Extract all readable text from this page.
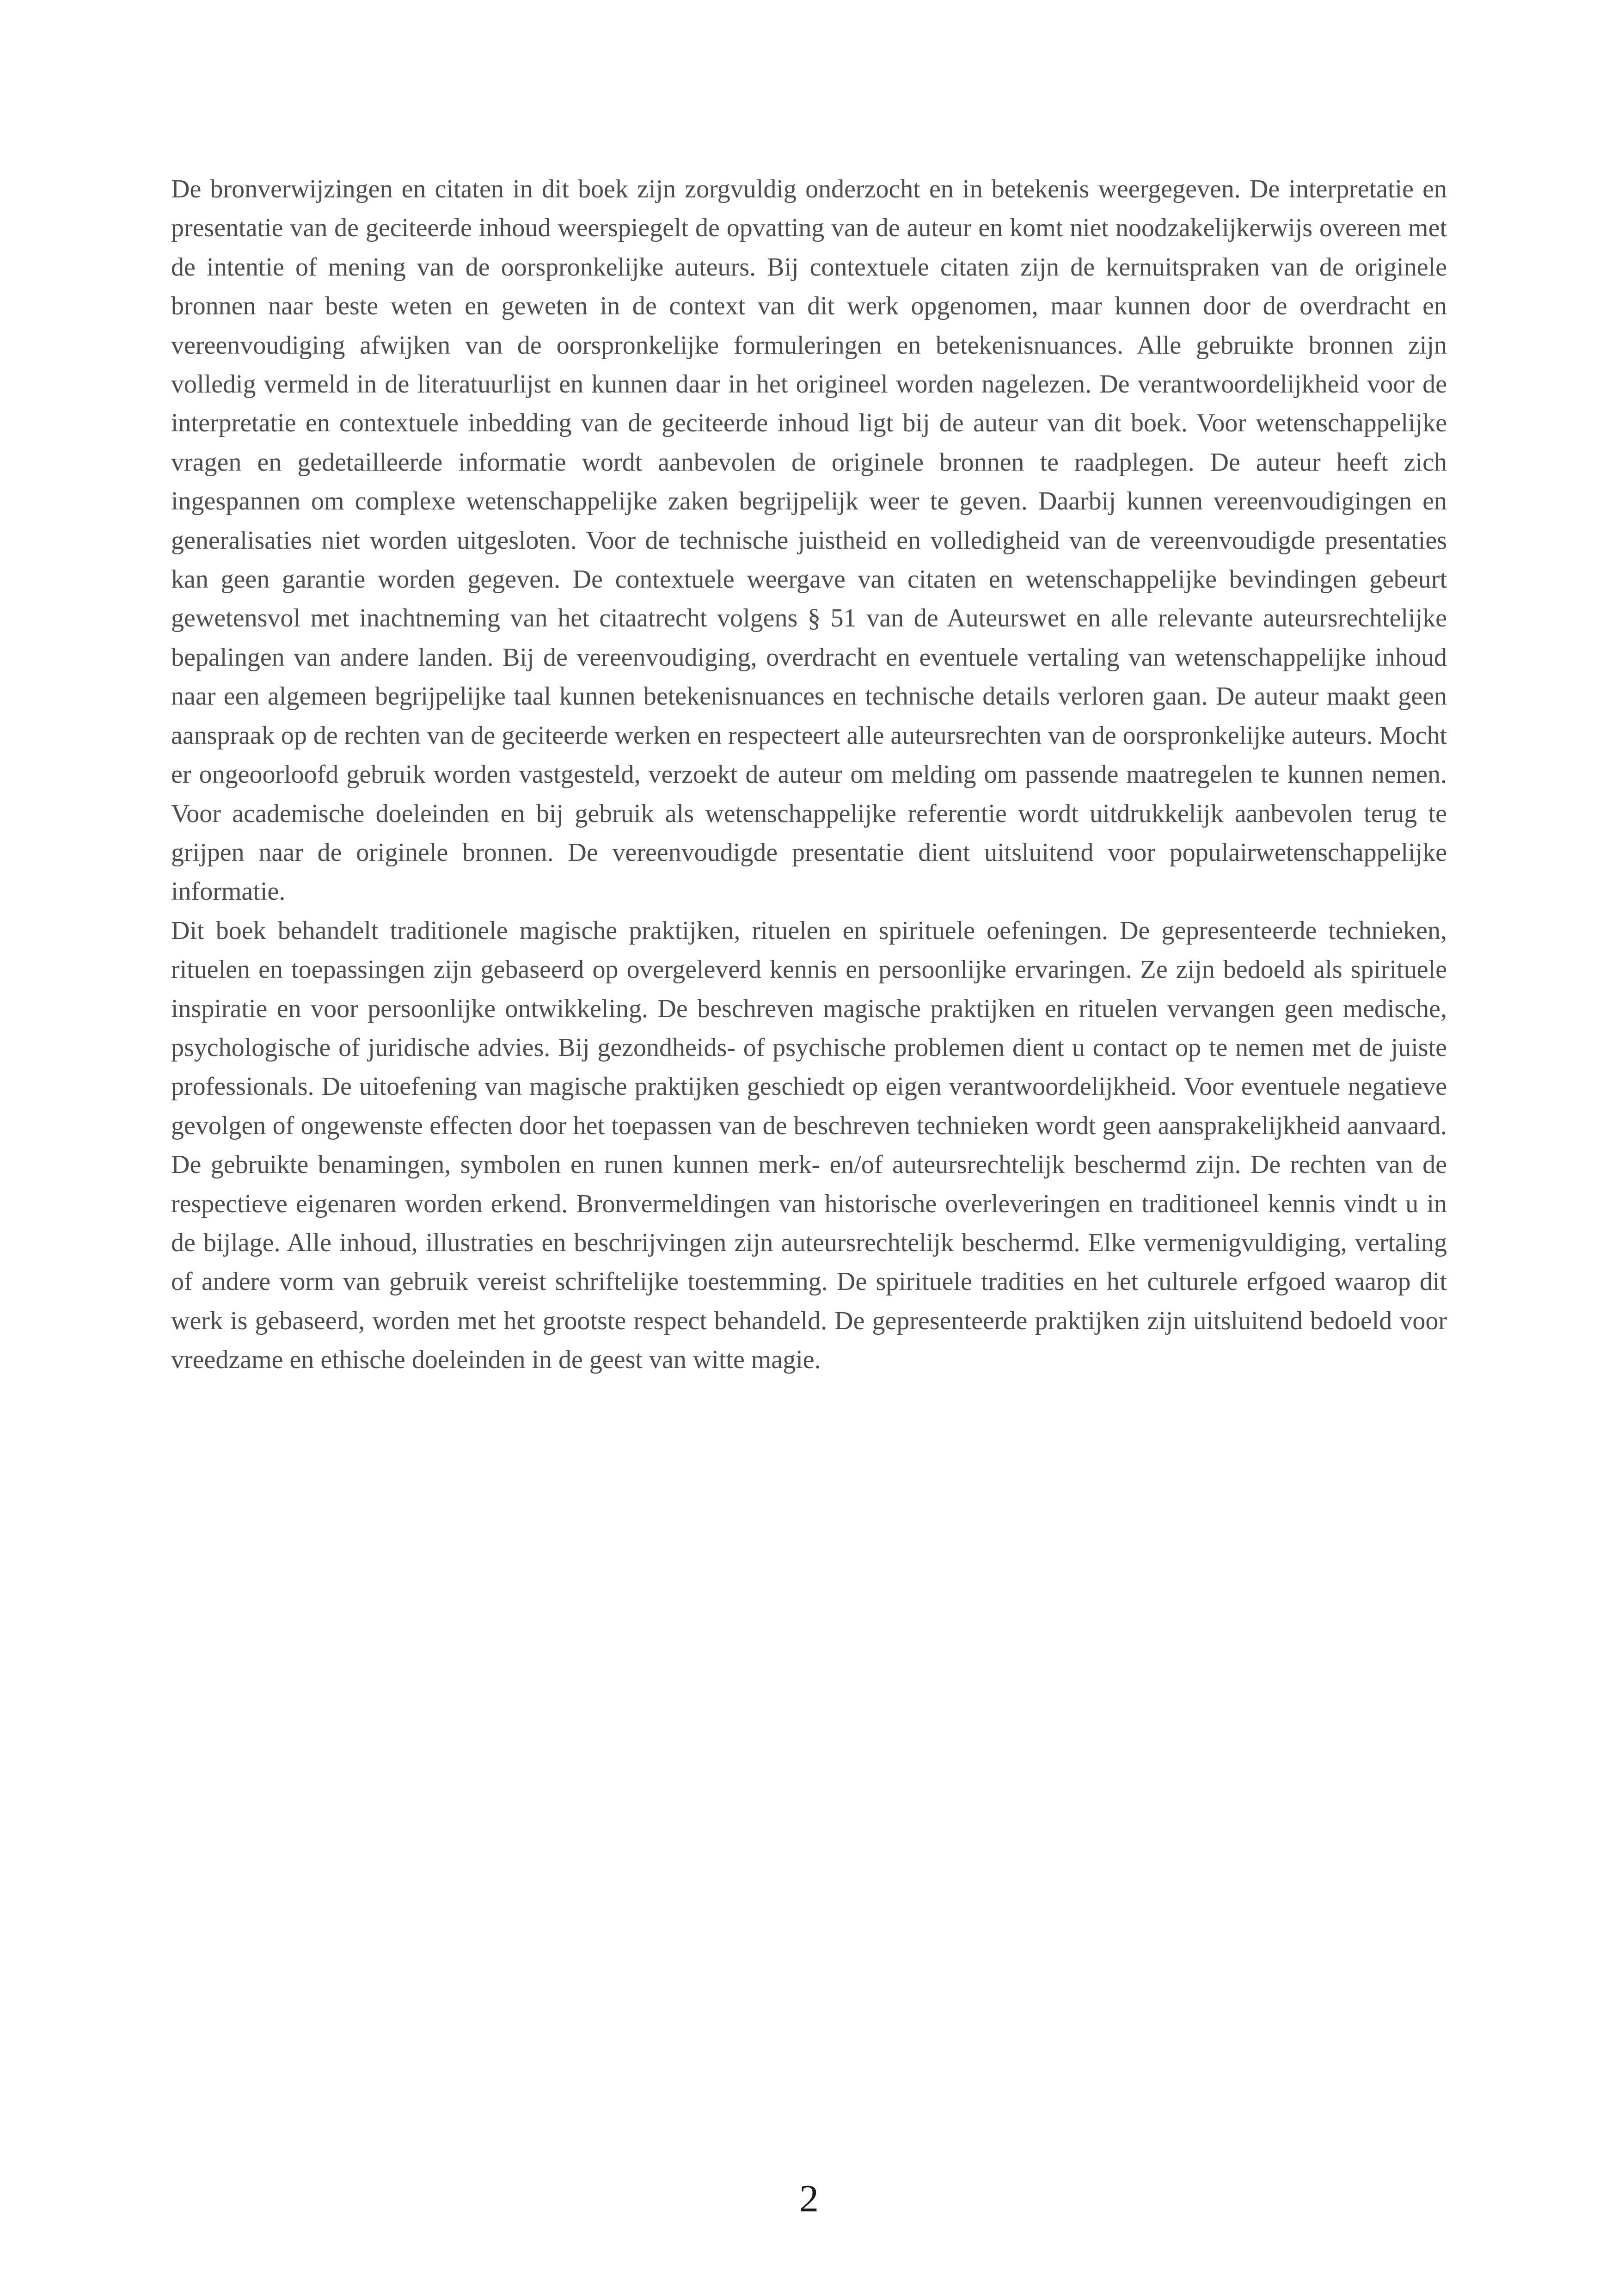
De bronverwijzingen en citaten in dit boek zijn zorgvuldig onderzocht en in betekenis weergegeven. De interpretatie en presentatie van de geciteerde inhoud weerspiegelt de opvatting van de auteur en komt niet noodzakelijkerwijs overeen met de intentie of mening van de oorspronkelijke auteurs. Bij contextuele citaten zijn de kernuitspraken van de originele bronnen naar beste weten en geweten in de context van dit werk opgenomen, maar kunnen door de overdracht en vereenvoudiging afwijken van de oorspronkelijke formuleringen en betekenisnuances. Alle gebruikte bronnen zijn volledig vermeld in de literatuurlijst en kunnen daar in het origineel worden nagelezen. De verantwoordelijkheid voor de interpretatie en contextuele inbedding van de geciteerde inhoud ligt bij de auteur van dit boek. Voor wetenschappelijke vragen en gedetailleerde informatie wordt aanbevolen de originele bronnen te raadplegen. De auteur heeft zich ingespannen om complexe wetenschappelijke zaken begrijpelijk weer te geven. Daarbij kunnen vereenvoudigingen en generalisaties niet worden uitgesloten. Voor de technische juistheid en volledigheid van de vereenvoudigde presentaties kan geen garantie worden gegeven. De contextuele weergave van citaten en wetenschappelijke bevindingen gebeurt gewetensvol met inachtneming van het citaatrecht volgens § 51 van de Auteurswet en alle relevante auteursrechtelijke bepalingen van andere landen. Bij de vereenvoudiging, overdracht en eventuele vertaling van wetenschappelijke inhoud naar een algemeen begrijpelijke taal kunnen betekenisnuances en technische details verloren gaan. De auteur maakt geen aanspraak op de rechten van de geciteerde werken en respecteert alle auteursrechten van de oorspronkelijke auteurs. Mocht er ongeoorloofd gebruik worden vastgesteld, verzoekt de auteur om melding om passende maatregelen te kunnen nemen. Voor academische doeleinden en bij gebruik als wetenschappelijke referentie wordt uitdrukkelijk aanbevolen terug te grijpen naar de originele bronnen. De vereenvoudigde presentatie dient uitsluitend voor populairwetenschappelijke informatie.

Dit boek behandelt traditionele magische praktijken, rituelen en spirituele oefeningen. De gepresenteerde technieken, rituelen en toepassingen zijn gebaseerd op overgeleverd kennis en persoonlijke ervaringen. Ze zijn bedoeld als spirituele inspiratie en voor persoonlijke ontwikkeling. De beschreven magische praktijken en rituelen vervangen geen medische, psychologische of juridische advies. Bij gezondheids- of psychische problemen dient u contact op te nemen met de juiste professionals. De uitoefening van magische praktijken geschiedt op eigen verantwoordelijkheid. Voor eventuele negatieve gevolgen of ongewenste effecten door het toepassen van de beschreven technieken wordt geen aansprakelijkheid aanvaard. De gebruikte benamingen, symbolen en runen kunnen merk- en/of auteursrechtelijk beschermd zijn. De rechten van de respectieve eigenaren worden erkend. Bronvermeldingen van historische overleveringen en traditioneel kennis vindt u in de bijlage. Alle inhoud, illustraties en beschrijvingen zijn auteursrechtelijk beschermd. Elke vermenigvuldiging, vertaling of andere vorm van gebruik vereist schriftelijke toestemming. De spirituele tradities en het culturele erfgoed waarop dit werk is gebaseerd, worden met het grootste respect behandeld. De gepresenteerde praktijken zijn uitsluitend bedoeld voor vreedzame en ethische doeleinden in de geest van witte magie.

2
